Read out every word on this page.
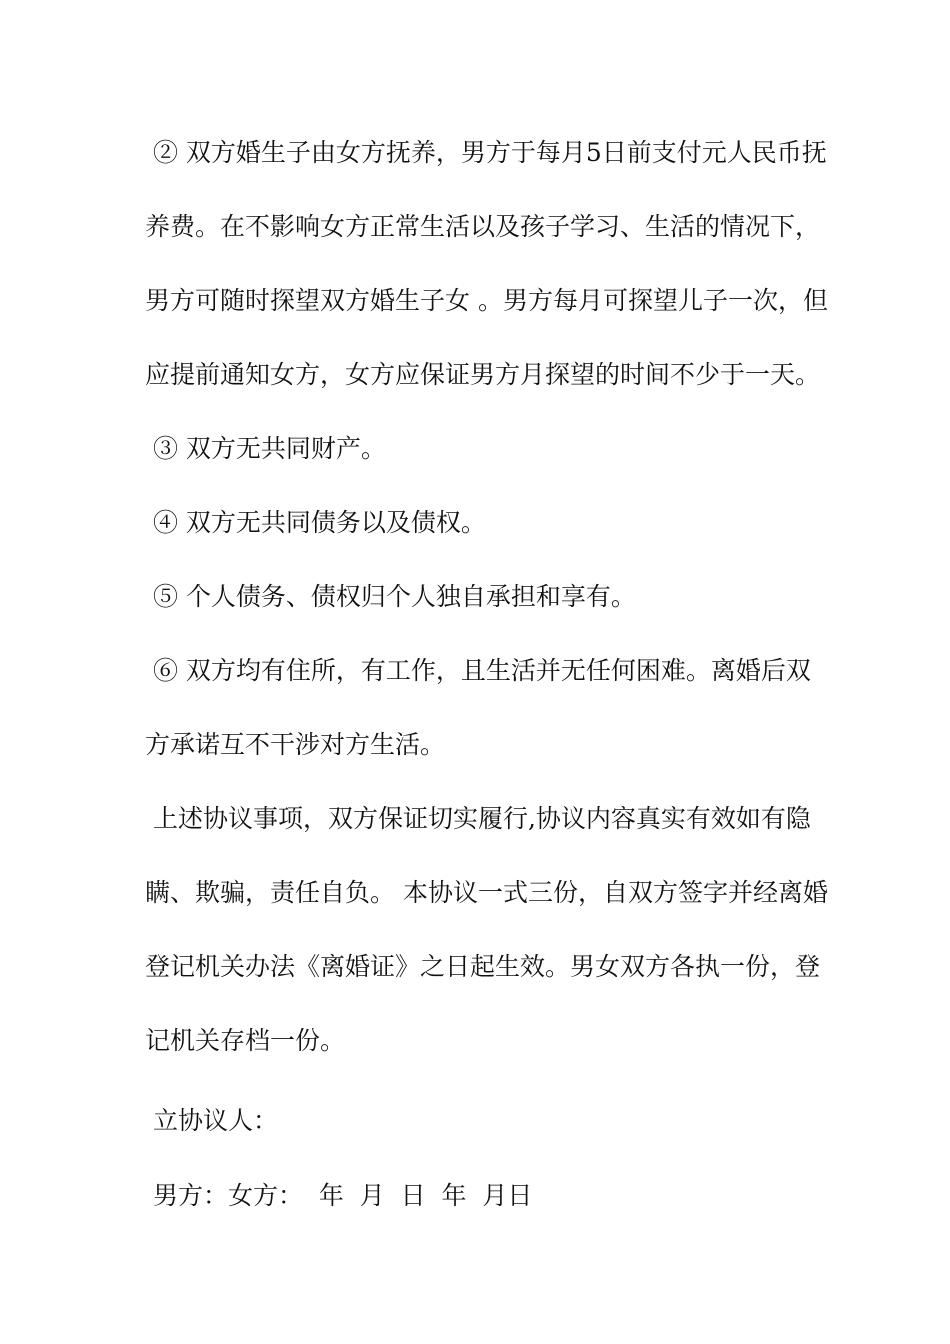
② 双方婚生子由女方抚养，男方于每月5日前支付元人民币抚
养费。在不影响女方正常生活以及孩子学习、生活的情况下，
男方可随时探望双方婚生子女 。男方每月可探望儿子一次，但
应提前通知女方，女方应保证男方月探望的时间不少于一天。
③ 双方无共同财产。
④ 双方无共同债务以及债权。
⑤ 个人债务、债权归个人独自承担和享有。
⑥ 双方均有住所，有工作，且生活并无任何困难。离婚后双
方承诺互不干涉对方生活。
上述协议事项，双方保证切实履行,协议内容真实有效如有隐
瞒、欺骗，责任自负。 本协议一式三份，自双方签字并经离婚
登记机关办法《离婚证》之日起生效。男女双方各执一份，登
记机关存档一份。
立协议人：
男方：女方：  年  月  日  年  月日
